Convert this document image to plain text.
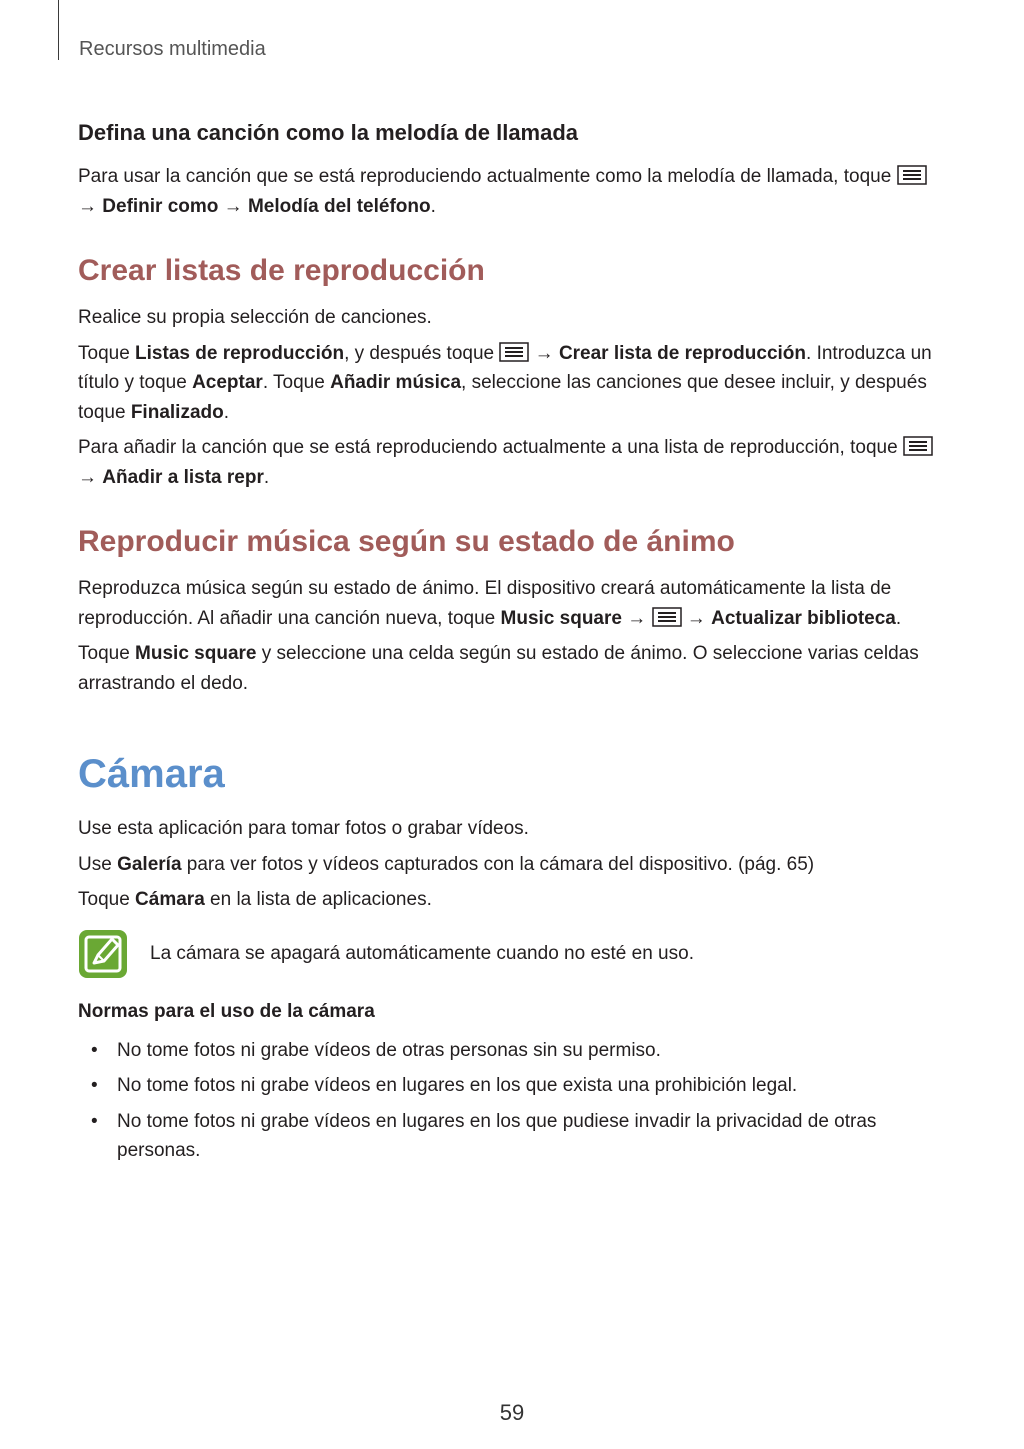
Recursos multimedia
Defina una canción como la melodía de llamada

Para usar la canción que se está reproduciendo actualmente como la melodía de llamada, toque
→ Definir como → Melodía del teléfono.

Crear listas de reproducción

Realice su propia selección de canciones.

Toque Listas de reproducción, y después toque  → Crear lista de reproducción. Introduzca un título y toque Aceptar. Toque Añadir música, seleccione las canciones que desee incluir, y después toque Finalizado.

Para añadir la canción que se está reproduciendo actualmente a una lista de reproducción, toque
→ Añadir a lista repr.

Reproducir música según su estado de ánimo

Reproduzca música según su estado de ánimo. El dispositivo creará automáticamente la lista de reproducción. Al añadir una canción nueva, toque Music square →  → Actualizar biblioteca.

Toque Music square y seleccione una celda según su estado de ánimo. O seleccione varias celdas arrastrando el dedo.

Cámara

Use esta aplicación para tomar fotos o grabar vídeos.

Use Galería para ver fotos y vídeos capturados con la cámara del dispositivo. (pág. 65)

Toque Cámara en la lista de aplicaciones.

La cámara se apagará automáticamente cuando no esté en uso.

Normas para el uso de la cámara
• No tome fotos ni grabe vídeos de otras personas sin su permiso.
• No tome fotos ni grabe vídeos en lugares en los que exista una prohibición legal.
• No tome fotos ni grabe vídeos en lugares en los que pudiese invadir la privacidad de otras personas.
59
